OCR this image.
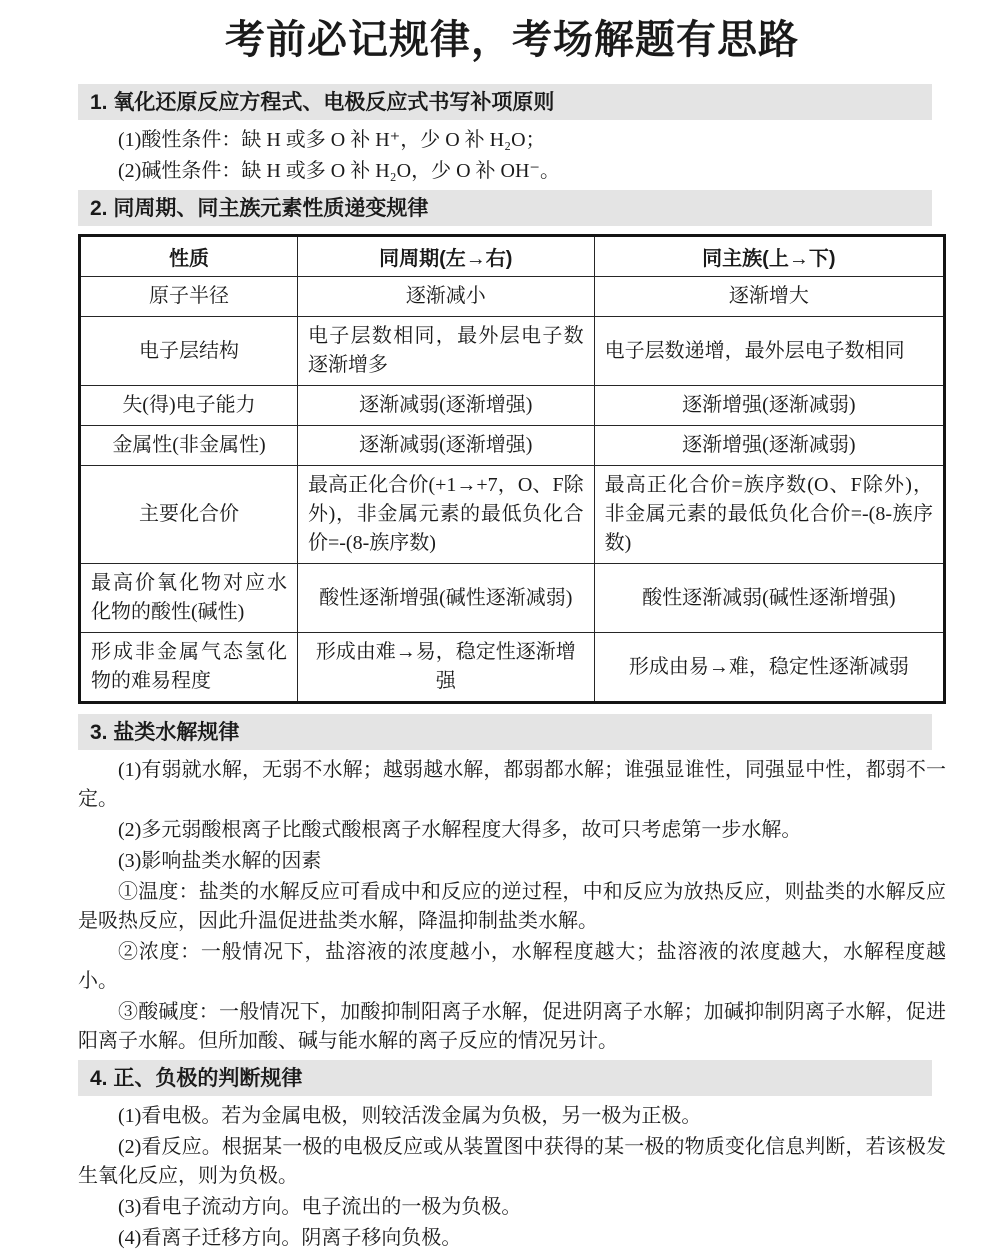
考前必记规律，考场解题有思路
1. 氧化还原反应方程式、电极反应式书写补项原则

(1)酸性条件：缺 H 或多 O 补 H⁺，少 O 补 H₂O；

(2)碱性条件：缺 H 或多 O 补 H₂O，少 O 补 OH⁻。

2. 同周期、同主族元素性质递变规律
性质	同周期(左→右)	同主族(上→下)
原子半径	逐渐减小	逐渐增大
电子层结构	电子层数相同，最外层电子数逐渐增多	电子层数递增，最外层电子数相同
失(得)电子能力	逐渐减弱(逐渐增强)	逐渐增强(逐渐减弱)
金属性(非金属性)	逐渐减弱(逐渐增强)	逐渐增强(逐渐减弱)
主要化合价	最高正化合价(+1→+7，O、F除外)，非金属元素的最低负化合价=-(8-族序数)	最高正化合价=族序数(O、F除外)，非金属元素的最低负化合价=-(8-族序数)
最高价氧化物对应水化物的酸性(碱性)	酸性逐渐增强(碱性逐渐减弱)	酸性逐渐减弱(碱性逐渐增强)
形成非金属气态氢化物的难易程度	形成由难→易，稳定性逐渐增强	形成由易→难，稳定性逐渐减弱
3. 盐类水解规律

(1)有弱就水解，无弱不水解；越弱越水解，都弱都水解；谁强显谁性，同强显中性，都弱不一定。

(2)多元弱酸根离子比酸式酸根离子水解程度大得多，故可只考虑第一步水解。

(3)影响盐类水解的因素

①温度：盐类的水解反应可看成中和反应的逆过程，中和反应为放热反应，则盐类的水解反应是吸热反应，因此升温促进盐类水解，降温抑制盐类水解。

②浓度：一般情况下，盐溶液的浓度越小，水解程度越大；盐溶液的浓度越大，水解程度越小。

③酸碱度：一般情况下，加酸抑制阳离子水解，促进阴离子水解；加碱抑制阴离子水解，促进阳离子水解。但所加酸、碱与能水解的离子反应的情况另计。

4. 正、负极的判断规律

(1)看电极。若为金属电极，则较活泼金属为负极，另一极为正极。

(2)看反应。根据某一极的电极反应或从装置图中获得的某一极的物质变化信息判断，若该极发生氧化反应，则为负极。

(3)看电子流动方向。电子流出的一极为负极。

(4)看离子迁移方向。阴离子移向负极。
